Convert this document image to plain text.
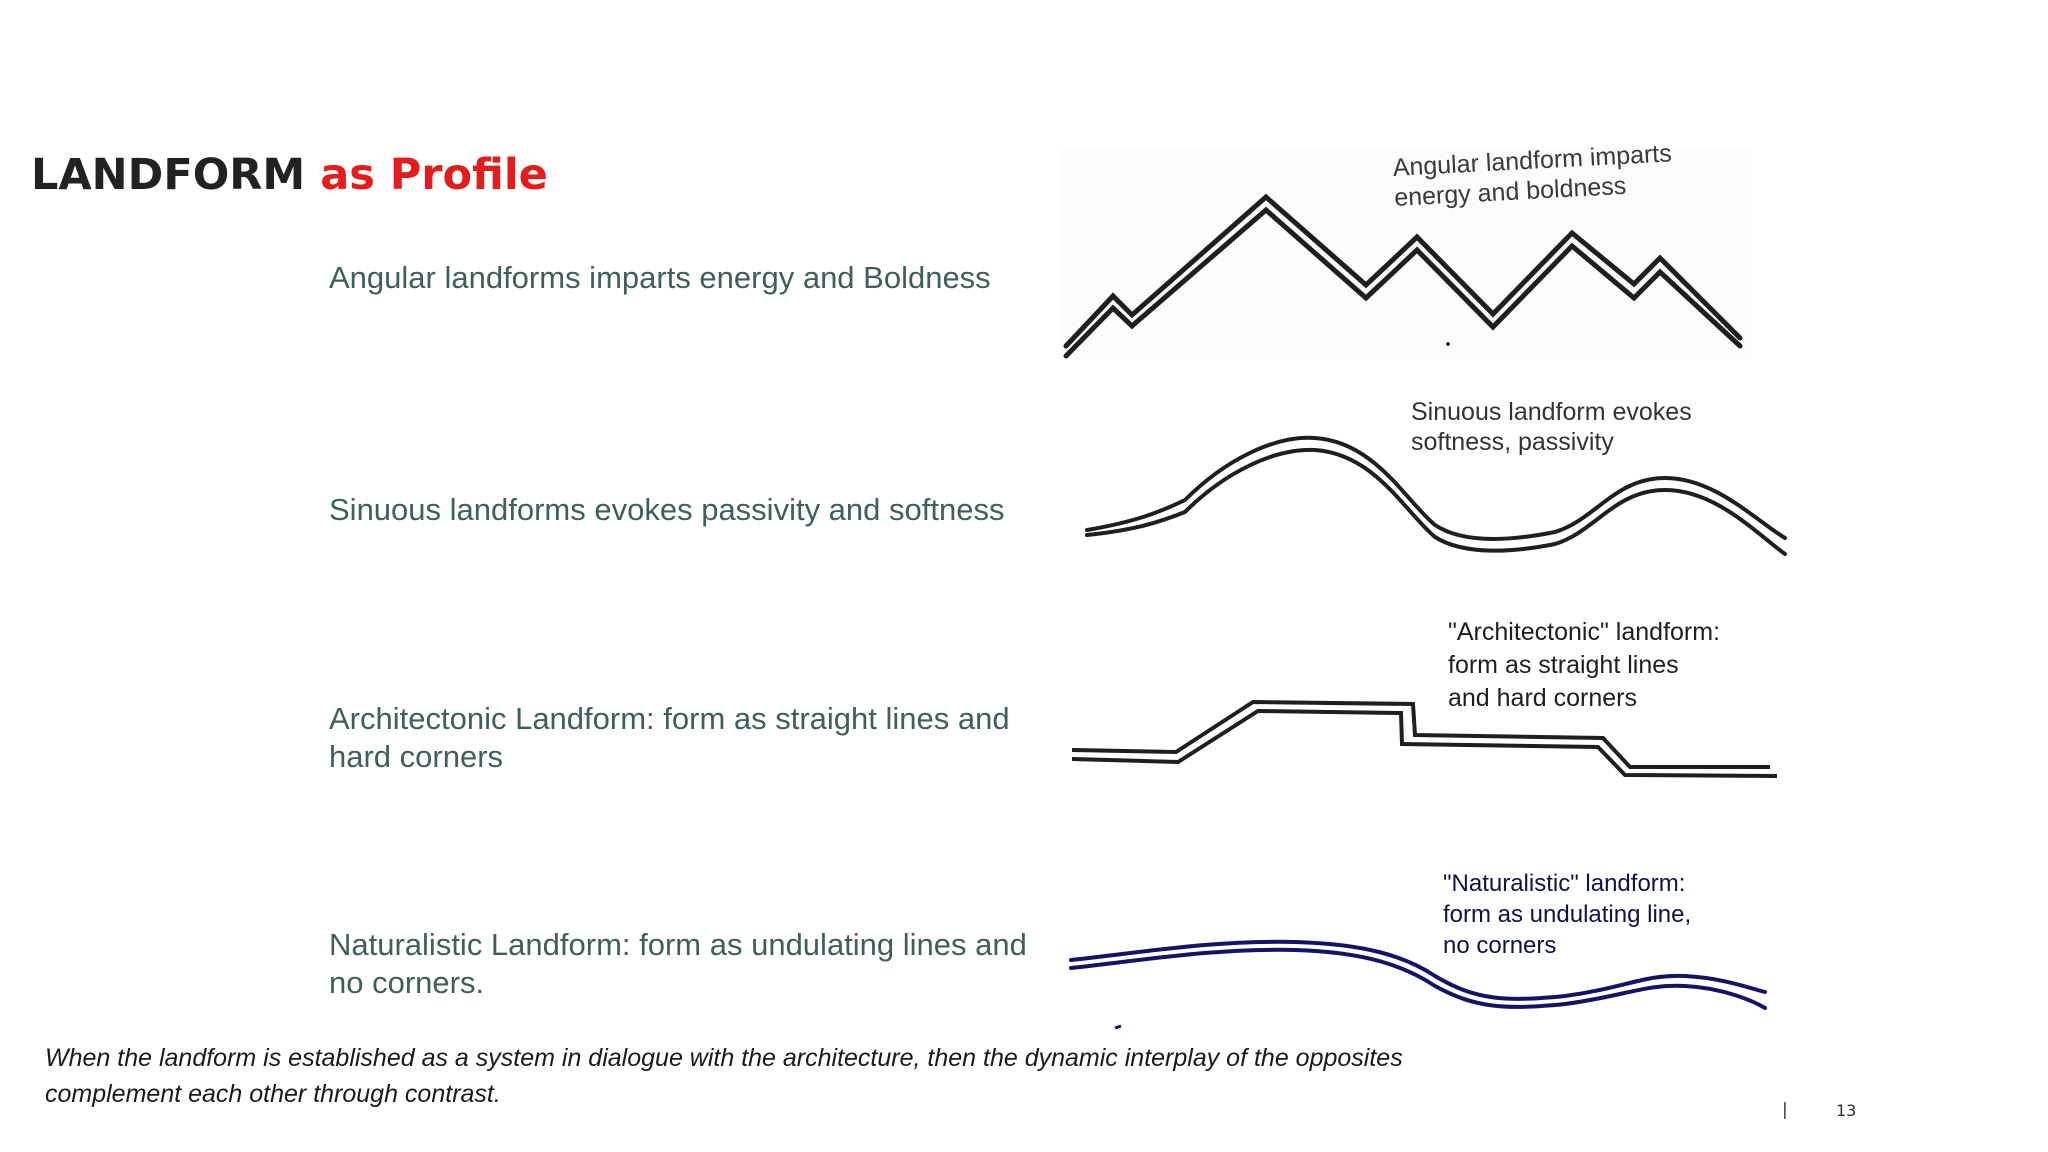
LANDFORM as Profile
Angular landforms imparts energy and Boldness
Sinuous landforms evokes passivity and softness
Architectonic Landform: form as straight lines and hard corners
Naturalistic Landform: form as undulating lines and no corners.
Angular landform imparts
energy and boldness
Sinuous landform evokes
softness, passivity
"Architectonic" landform:
form as straight lines
and hard corners
"Naturalistic" landform:
form as undulating line,
no corners
When the landform is established as a system in dialogue with the architecture, then the dynamic interplay of the opposites complement each other through contrast.
|	13
